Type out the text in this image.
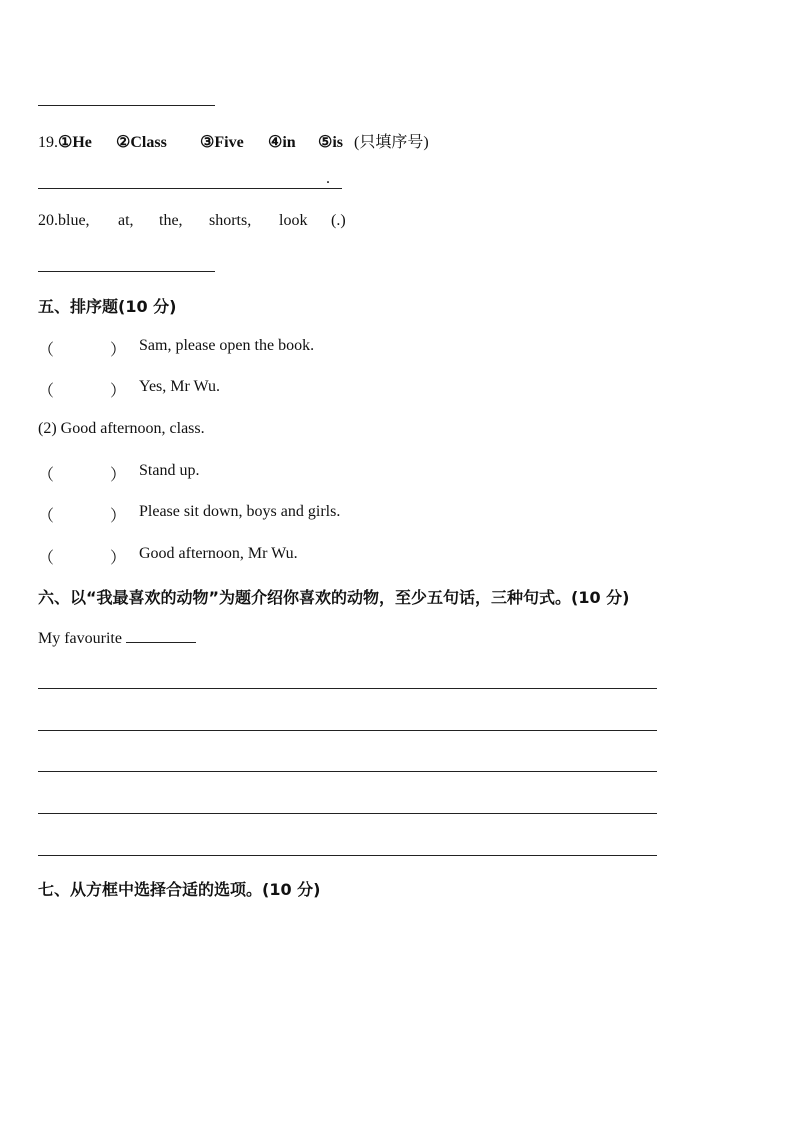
19.①He ②Class ③Five ④in ⑤is (只填序号)
.
20.blue, at, the, shorts, look (.)
五、排序题(10 分)
（	） Sam, please open the book.
（	） Yes, Mr Wu.
(2) Good afternoon, class.
（	） Stand up.
（	） Please sit down, boys and girls.
（	） Good afternoon, Mr Wu.
六、以“我最喜欢的动物”为题介绍你喜欢的动物，至少五句话，三种句式。(10 分)
My favourite
七、从方框中选择合适的选项。(10 分)
